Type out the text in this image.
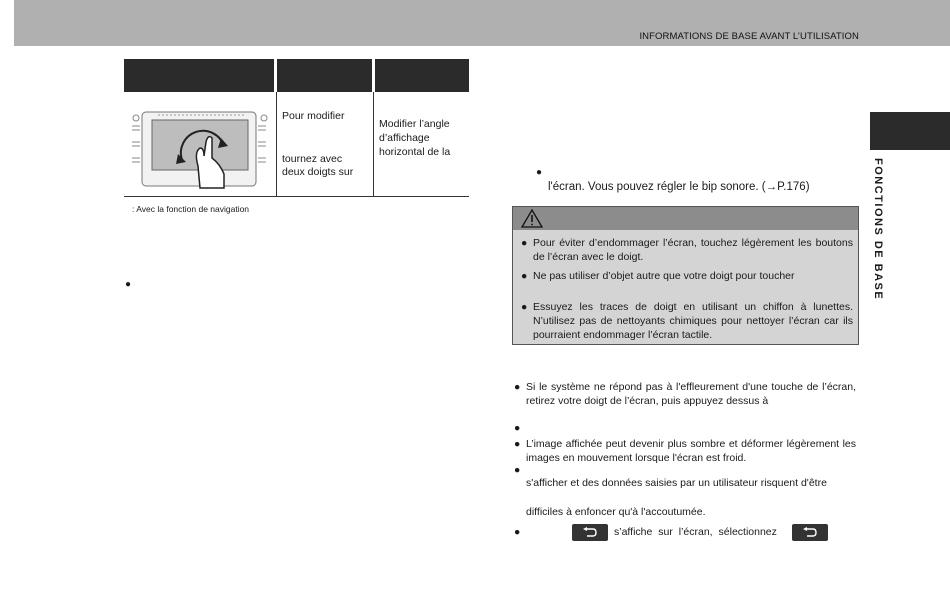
INFORMATIONS DE BASE AVANT L’UTILISATION
Pour modifier
tournez avec
deux doigts sur
Modifier l’angle
d’affichage
horizontal de la
: Avec la fonction de navigation
●
●
l'écran. Vous pouvez régler le bip sonore. (→P.176)
● Pour éviter d’endommager l’écran, touchez légèrement les boutons de l’écran avec le doigt.
● Ne pas utiliser d’objet autre que votre doigt pour toucher
● Essuyez les traces de doigt en utilisant un chiffon à lunettes. N’utilisez pas de nettoyants chimiques pour nettoyer l’écran car ils pourraient endommager l’écran tactile.
● Si le système ne répond pas à l'effleurement d'une touche de l’écran, retirez votre doigt de l’écran, puis appuyez dessus à
●
● L’image affichée peut devenir plus sombre et déformer légèrement les images en mouvement lorsque l'écran est froid.
●
s'afficher et des données saisies par un utilisateur risquent d'être
difficiles à enfoncer qu'à l'accoutumée.
●	s’affiche sur l’écran, sélectionnez
FONCTIONS DE BASE
